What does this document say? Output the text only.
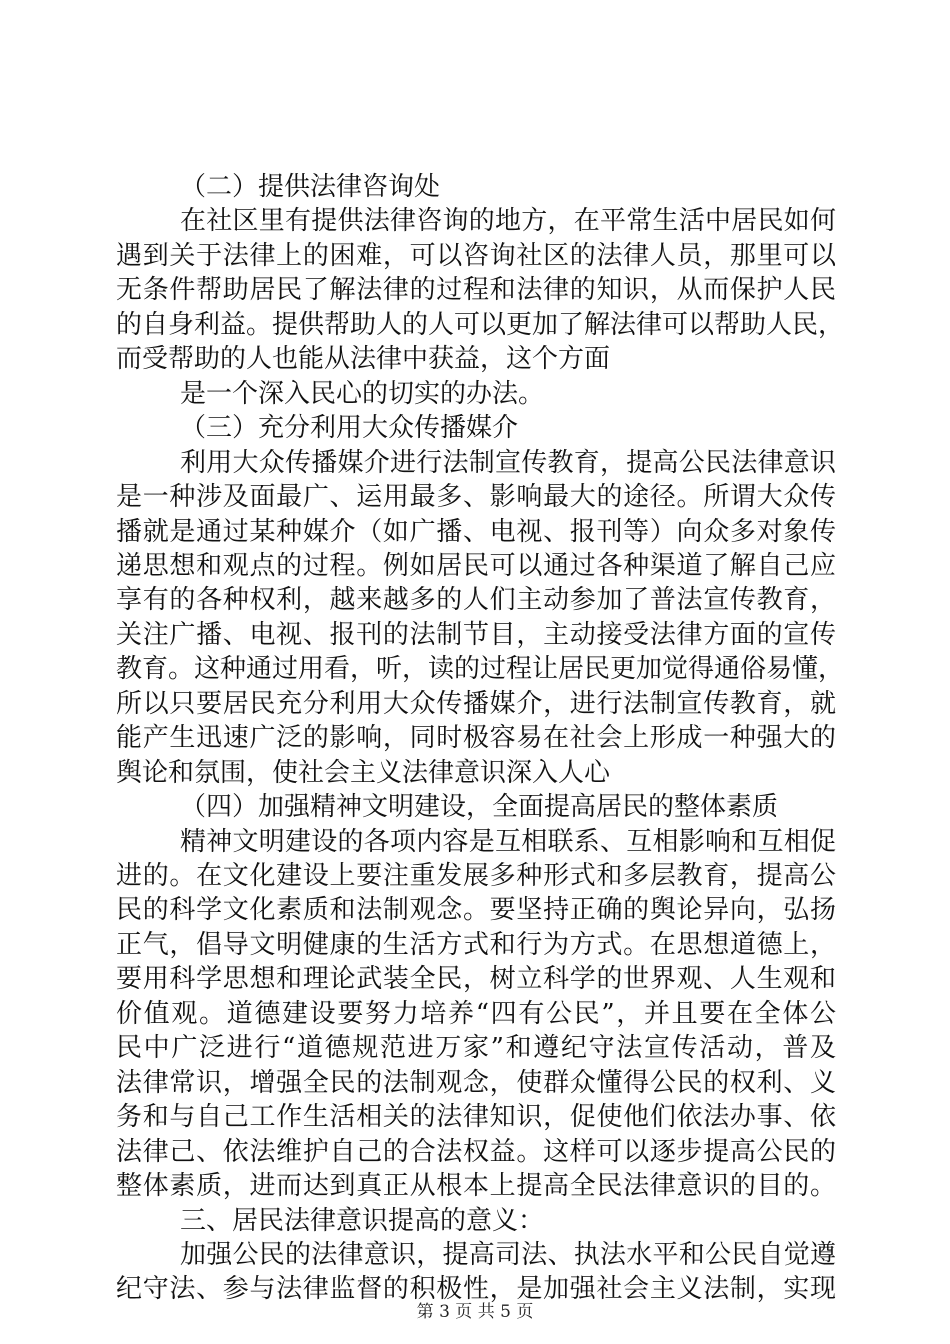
（二）提供法律咨询处
在社区里有提供法律咨询的地方，在平常生活中居民如何
遇到关于法律上的困难，可以咨询社区的法律人员，那里可以
无条件帮助居民了解法律的过程和法律的知识，从而保护人民
的自身利益。提供帮助人的人可以更加了解法律可以帮助人民，
而受帮助的人也能从法律中获益，这个方面
是一个深入民心的切实的办法。
（三）充分利用大众传播媒介
利用大众传播媒介进行法制宣传教育，提高公民法律意识
是一种涉及面最广、运用最多、影响最大的途径。所谓大众传
播就是通过某种媒介（如广播、电视、报刊等）向众多对象传
递思想和观点的过程。例如居民可以通过各种渠道了解自己应
享有的各种权利，越来越多的人们主动参加了普法宣传教育，
关注广播、电视、报刊的法制节目，主动接受法律方面的宣传
教育。这种通过用看，听，读的过程让居民更加觉得通俗易懂，
所以只要居民充分利用大众传播媒介，进行法制宣传教育，就
能产生迅速广泛的影响，同时极容易在社会上形成一种强大的
舆论和氛围，使社会主义法律意识深入人心
（四）加强精神文明建设，全面提高居民的整体素质
精神文明建设的各项内容是互相联系、互相影响和互相促
进的。在文化建设上要注重发展多种形式和多层教育，提高公
民的科学文化素质和法制观念。要坚持正确的舆论异向，弘扬
正气，倡导文明健康的生活方式和行为方式。在思想道德上，
要用科学思想和理论武装全民，树立科学的世界观、人生观和
价值观。道德建设要努力培养“四有公民”，并且要在全体公
民中广泛进行“道德规范进万家”和遵纪守法宣传活动，普及
法律常识，增强全民的法制观念，使群众懂得公民的权利、义
务和与自己工作生活相关的法律知识，促使他们依法办事、依
法律己、依法维护自己的合法权益。这样可以逐步提高公民的
整体素质，进而达到真正从根本上提高全民法律意识的目的。
三、居民法律意识提高的意义：
加强公民的法律意识，提高司法、执法水平和公民自觉遵
纪守法、参与法律监督的积极性，是加强社会主义法制，实现
第 3 页 共 5 页
